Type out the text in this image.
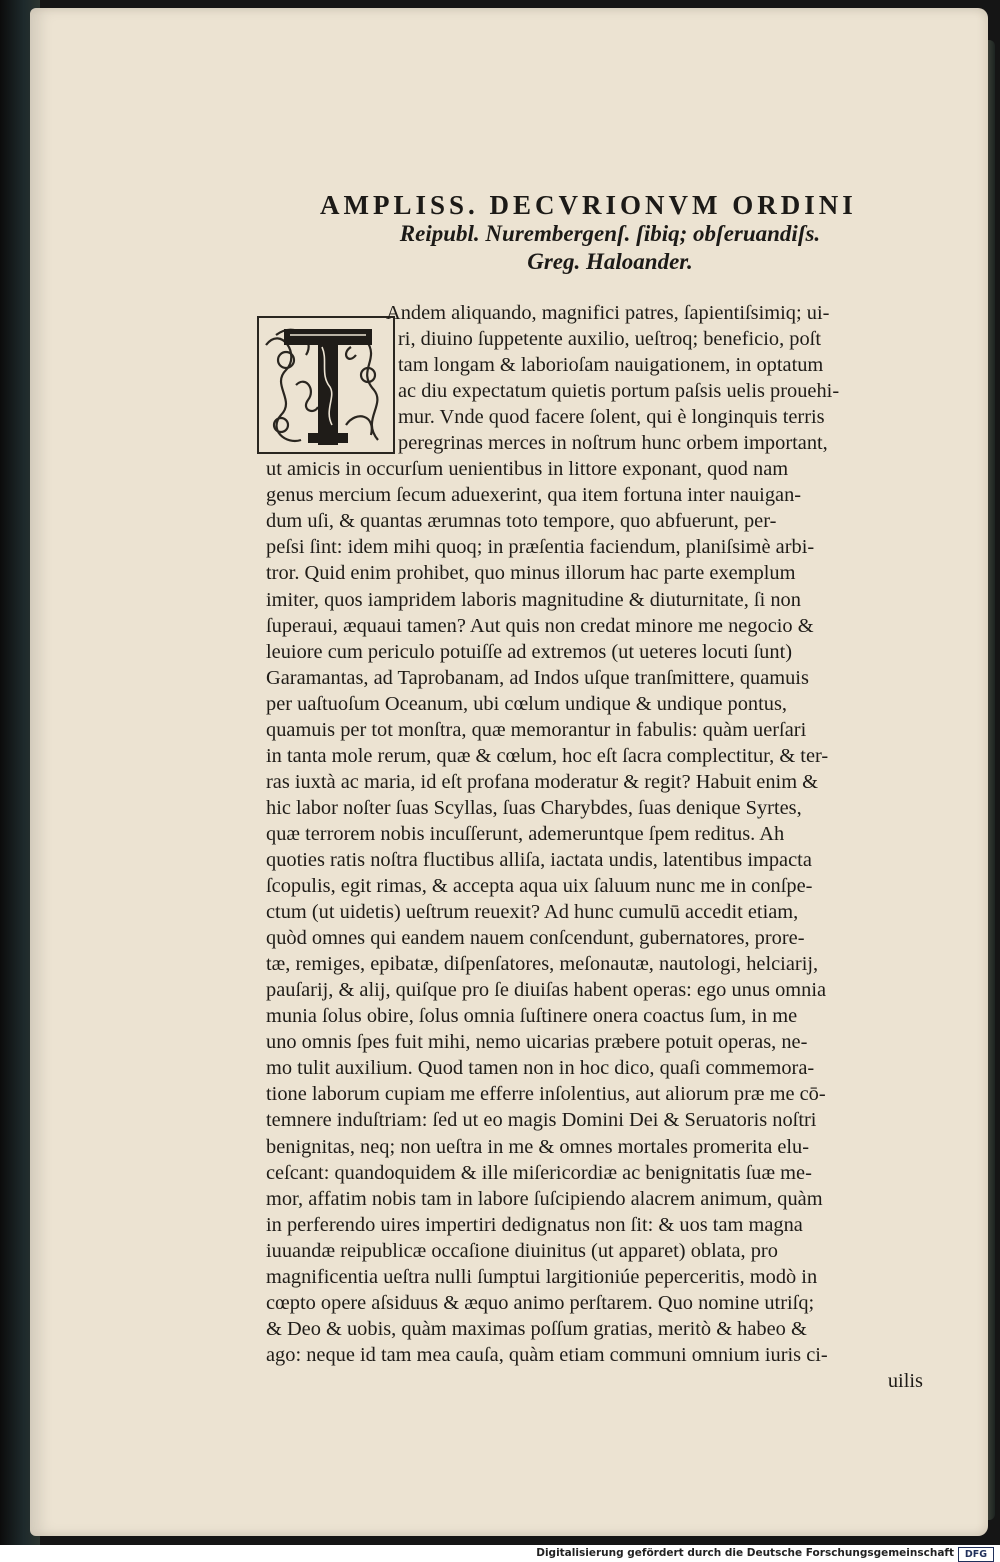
AMPLISS. DECVRIONVM ORDINI

Reipubl. Nurembergenſ. ſibiq; obſeruandiſs.

Greg. Haloander.

Andem aliquando, magnifici patres, ſapientiſsimiq; ui-
ri, diuino ſuppetente auxilio, ueſtroq; beneficio, poſt
tam longam & laborioſam nauigationem, in optatum
ac diu expectatum quietis portum paſsis uelis prouehi-
mur. Vnde quod facere ſolent, qui è longinquis terris
peregrinas merces in noſtrum hunc orbem important,
ut amicis in occurſum uenientibus in littore exponant, quod nam
genus mercium ſecum aduexerint, qua item fortuna inter nauigan-
dum uſi, & quantas ærumnas toto tempore, quo abfuerunt, per-
peſsi ſint: idem mihi quoq; in præſentia faciendum, planiſsimè arbi-
tror. Quid enim prohibet, quo minus illorum hac parte exemplum
imiter, quos iampridem laboris magnitudine & diuturnitate, ſi non
ſuperaui, æquaui tamen? Aut quis non credat minore me negocio &
leuiore cum periculo potuiſſe ad extremos (ut ueteres locuti ſunt)
Garamantas, ad Taprobanam, ad Indos uſque tranſmittere, quamuis
per uaſtuoſum Oceanum, ubi cœlum undique & undique pontus,
quamuis per tot monſtra, quæ memorantur in fabulis: quàm uerſari
in tanta mole rerum, quæ & cœlum, hoc eſt ſacra complectitur, & ter-
ras iuxtà ac maria, id eſt profana moderatur & regit? Habuit enim &
hic labor noſter ſuas Scyllas, ſuas Charybdes, ſuas denique Syrtes,
quæ terrorem nobis incuſſerunt, ademeruntque ſpem reditus. Ah
quoties ratis noſtra fluctibus alliſa, iactata undis, latentibus impacta
ſcopulis, egit rimas, & accepta aqua uix ſaluum nunc me in conſpe-
ctum (ut uidetis) ueſtrum reuexit? Ad hunc cumulū accedit etiam,
quòd omnes qui eandem nauem conſcendunt, gubernatores, prore-
tæ, remiges, epibatæ, diſpenſatores, meſonautæ, nautologi, helciarij,
pauſarij, & alij, quiſque pro ſe diuiſas habent operas: ego unus omnia
munia ſolus obire, ſolus omnia ſuſtinere onera coactus ſum, in me
uno omnis ſpes fuit mihi, nemo uicarias præbere potuit operas, ne-
mo tulit auxilium. Quod tamen non in hoc dico, quaſi commemora-
tione laborum cupiam me efferre inſolentius, aut aliorum præ me cō-
temnere induſtriam: ſed ut eo magis Domini Dei & Seruatoris noſtri
benignitas, neq; non ueſtra in me & omnes mortales promerita elu-
ceſcant: quandoquidem & ille miſericordiæ ac benignitatis ſuæ me-
mor, affatim nobis tam in labore ſuſcipiendo alacrem animum, quàm
in perferendo uires impertiri dedignatus non ſit: & uos tam magna
iuuandæ reipublicæ occaſione diuinitus (ut apparet) oblata, pro
magnificentia ueſtra nulli ſumptui largitioniúe peperceritis, modò in
cœpto opere aſsiduus & æquo animo perſtarem. Quo nomine utriſq;
& Deo & uobis, quàm maximas poſſum gratias, meritò & habeo &
ago: neque id tam mea cauſa, quàm etiam communi omnium iuris ci-
uilis
Digitalisierung gefördert durch die Deutsche Forschungsgemeinschaft	DFG
